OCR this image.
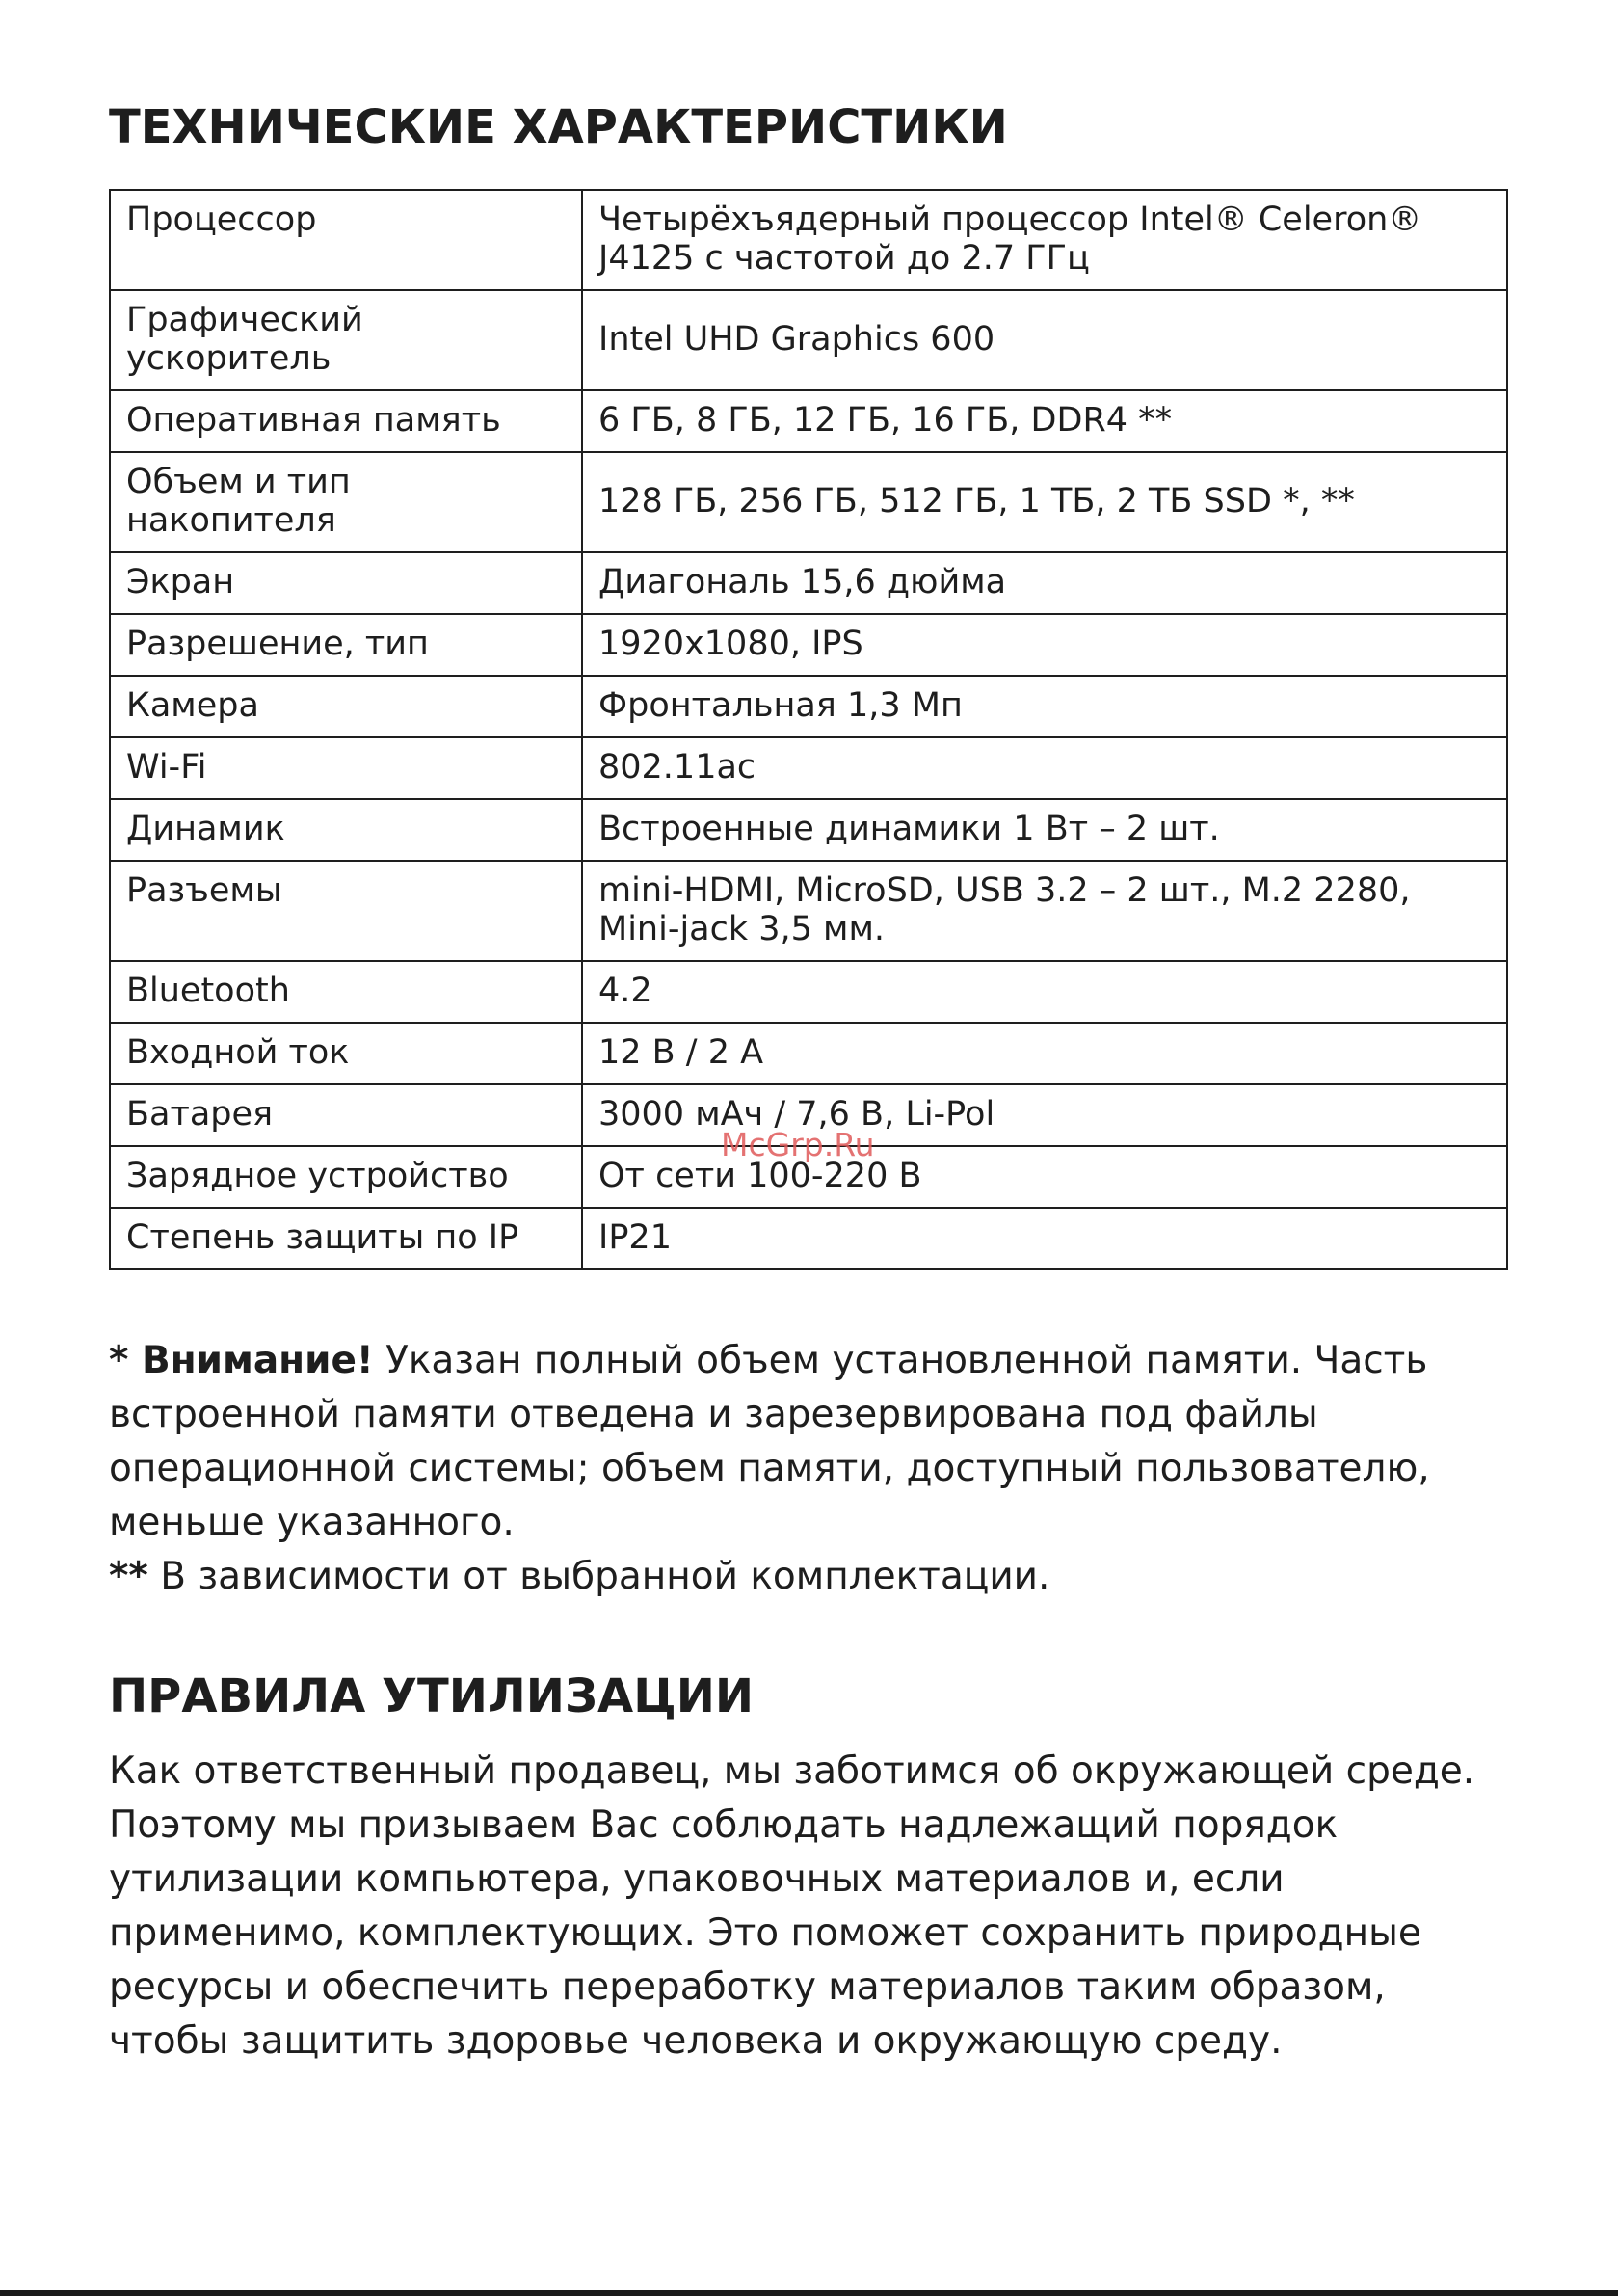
ТЕХНИЧЕСКИЕ ХАРАКТЕРИСТИКИ
Процессор	Четырёхъядерный процессор Intel® Celeron® J4125 с частотой до 2.7 ГГц
Графический ускоритель	Intel UHD Graphics 600
Оперативная память	6 ГБ, 8 ГБ, 12 ГБ, 16 ГБ, DDR4 **
Объем и тип накопителя	128 ГБ, 256 ГБ, 512 ГБ, 1 ТБ, 2 ТБ SSD *, **
Экран	Диагональ 15,6 дюйма
Разрешение, тип	1920x1080, IPS
Камера	Фронтальная 1,3 Мп
Wi-Fi	802.11ac
Динамик	Встроенные динамики 1 Вт – 2 шт.
Разъемы	mini-HDMI, MicroSD, USB 3.2 – 2 шт., M.2 2280, Mini-jack 3,5 мм.
Bluetooth	4.2
Входной ток	12 В / 2 А
Батарея	3000 мАч / 7,6 В, Li-Pol
Зарядное устройство	От сети 100-220 В
Степень защиты по IP	IP21

* Внимание! Указан полный объем установленной памяти. Часть встроенной памяти отведена и зарезервирована под файлы операционной системы; объем памяти, доступный пользователю, меньше указанного.

** В зависимости от выбранной комплектации.

ПРАВИЛА УТИЛИЗАЦИИ

Как ответственный продавец, мы заботимся об окружающей среде. Поэтому мы призываем Вас соблюдать надлежащий порядок утилизации компьютера, упаковочных материалов и, если применимо, комплектующих. Это поможет сохранить природные ресурсы и обеспечить переработку материалов таким образом, чтобы защитить здоровье человека и окружающую среду.

McGrp.Ru
